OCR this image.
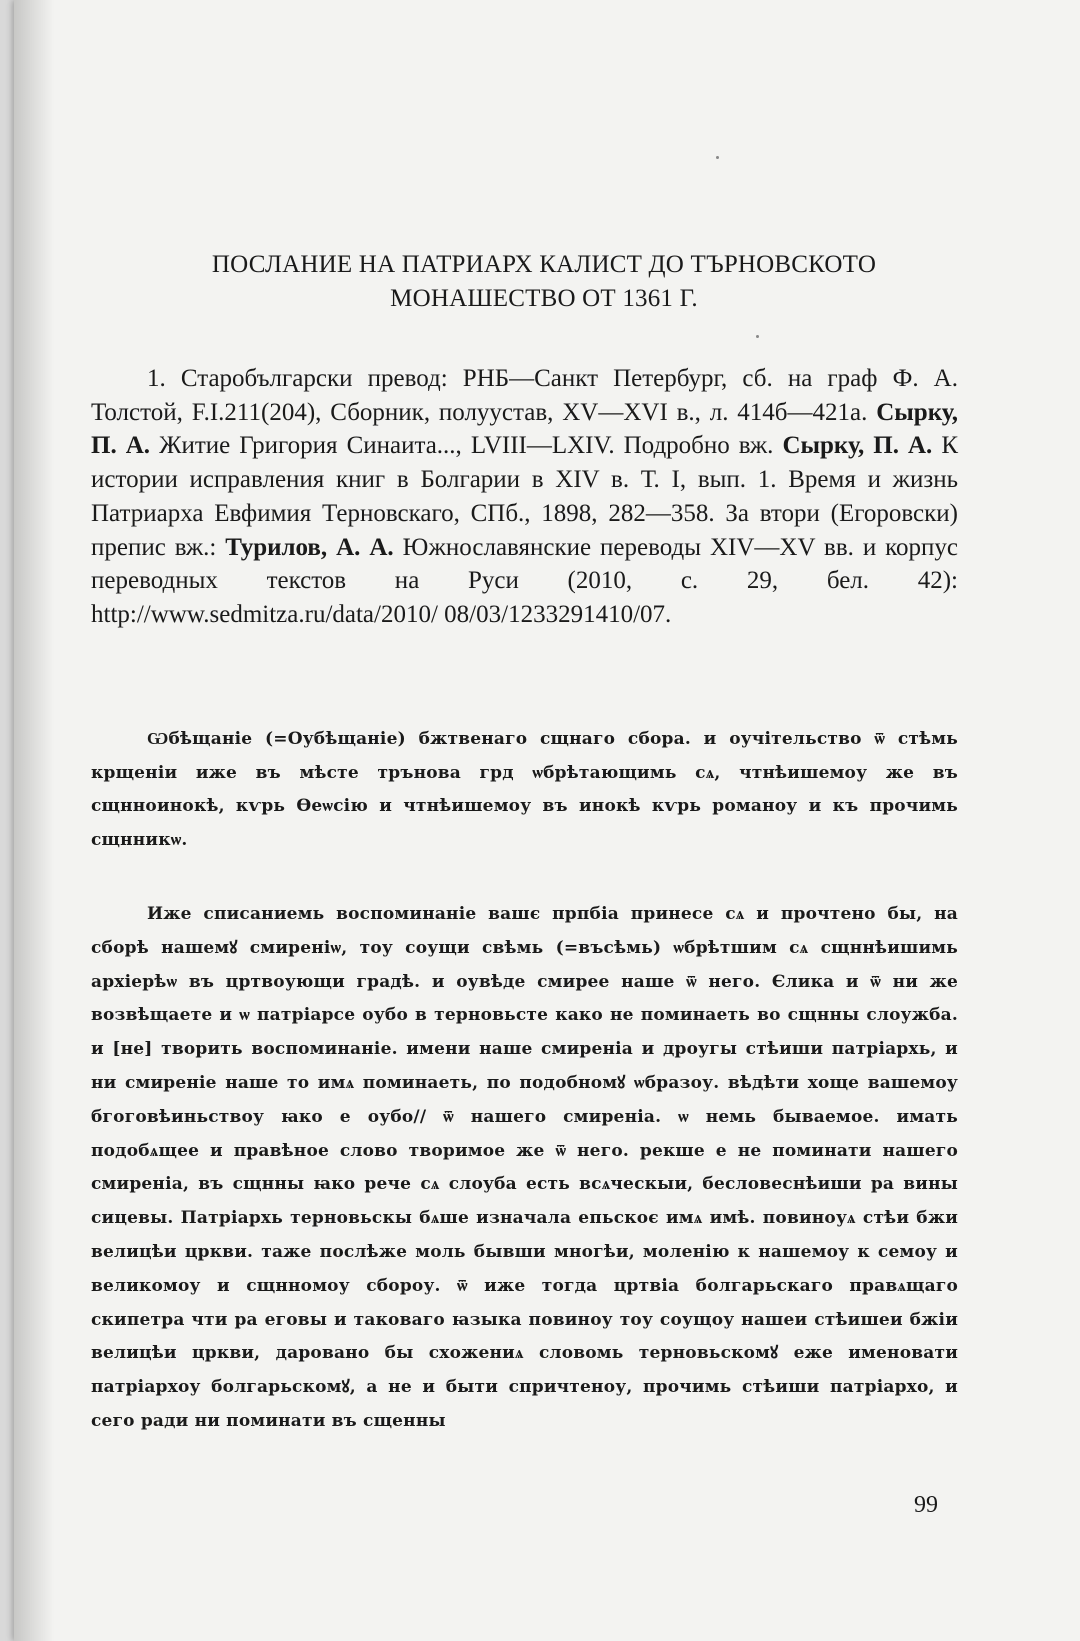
ПОСЛАНИЕ НА ПАТРИАРХ КАЛИСТ ДО ТЪРНОВСКОТО
МОНАШЕСТВО ОТ 1361 Г.

1. Старобългарски превод: РНБ—Санкт Петербург, сб. на граф Ф. А. Толстой, F.I.211(204), Сборник, полуустав, XV—XVI в., л. 414б—421а. Сырку, П. А. Житие Григория Синаита..., LVIII—LXIV. Подробно вж. Сырку, П. А. К истории исправления книг в Болгарии в XIV в. Т. I, вып. 1. Время и жизнь Патриарха Евфимия Терновскаго, СПб., 1898, 282—358. За втори (Егоровски) препис вж.: Турилов, А. А. Южнославянские переводы XIV—XV вв. и корпус переводных текстов на Руси (2010, с. 29, бел. 42): http://www.sedmitza.ru/data/2010/ 08/03/1233291410/07.

Ѡбѣщаніе (=Оубѣщаніе) бжтвенаго сщнаго сбора. и оучітельство ѿ стѣмь крщеніи иже въ мѣсте трънова грд ѡбрѣтающимь сѧ, чтнѣишемоу же въ сщнноинокѣ, кѵрь Ѳеѡсію и чтнѣишемоу въ инокѣ кѵрь романоу и къ прочимь сщнникѡ.

Иже списаниемь воспоминаніе вашє прпбіа принесе сѧ и прочтено бы, на сборѣ нашемꙋ смиреніѡ, тоу соущи свѣмь (=въсѣмь) ѡбрѣтшим сѧ сщннѣишимь архіерѣѡ въ цртвоующи градѣ. и оувѣде смирее наше ѿ него. Єлика и ѿ ни же возвѣщаете и ѡ патріарсе оубо в терновьсте како не поминаеть во сщнны слоужба. и [не] творить воспоминаніе. имени наше смиреніа и дроугы стѣиши патріархь, и ни смиреніе наше то имѧ поминаеть, по подобномꙋ ѡбразоу. вѣдѣти хоще вашемоу бгоговѣиньствоу ꙗко е оубо// ѿ нашего смиреніа. ѡ немь бываемое. имать подобѧщее и правѣное слово творимое же ѿ него. рекше е не поминати нашего смиреніа, въ сщнны ꙗко рече сѧ слоуба есть всѧческыи, бесловеснѣиши ра вины сицевы. Патріархь терновьскы бѧше изначала епьскоє имѧ имѣ. повиноуѧ стѣи бжи велицѣи цркви. таже послѣже моль бывши многѣи, моленію к нашемоу к семоу и великомоу и сщнномоу сбороу. ѿ иже тогда цртвіа болгарьскаго правѧщаго скипетра чти ра еговы и таковаго ꙗзыка повиноу тоу соущоу нашеи стѣишеи бжіи велицѣи цркви, даровано бы схожениѧ словомь терновьскомꙋ еже именовати патріархоу болгарьскомꙋ, а не и быти спричтеноу, прочимь стѣиши патріархо, и сего ради ни поминати въ сщенны

99
